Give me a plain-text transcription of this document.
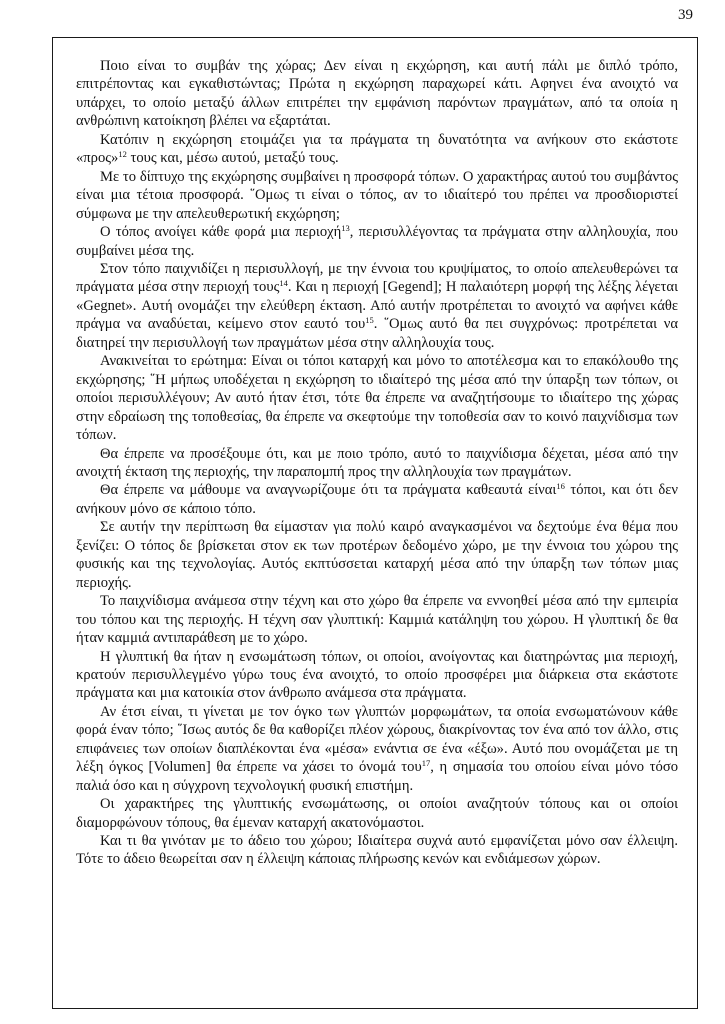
39

Ποιο είναι το συμβάν της χώρας; Δεν είναι η εκχώρηση, και αυτή πάλι με διπλό τρόπο, επιτρέποντας και εγκαθιστώντας; Πρώτα η εκχώρηση παραχωρεί κάτι. Αφηνει ένα ανοιχτό να υπάρχει, το οποίο μεταξύ άλλων επιτρέπει την εμφάνιση παρόντων πραγμάτων, από τα οποία η ανθρώπινη κατοίκηση βλέπει να εξαρτάται.

Κατόπιν η εκχώρηση ετοιμάζει για τα πράγματα τη δυνατότητα να ανήκουν στο εκάστοτε «προς»$^{12}$ τους και, μέσω αυτού, μεταξύ τους.

Με το δίπτυχο της εκχώρησης συμβαίνει η προσφορά τόπων. Ο χαρακτήρας αυτού του συμβάντος είναι μια τέτοια προσφορά. ῞Ομως τι είναι ο τόπος, αν το ιδιαίτερό του πρέπει να προσδιοριστεί σύμφωνα με την απελευθερωτική εκχώρηση;

Ο τόπος ανοίγει κάθε φορά μια περιοχή$^{13}$, περισυλλέγοντας τα πράγματα στην αλληλουχία, που συμβαίνει μέσα της.

Στον τόπο παιχνιδίζει η περισυλλογή, με την έννοια του κρυψίματος, το οποίο απελευθερώνει τα πράγματα μέσα στην περιοχή τους$^{14}$. Και η περιοχή [Gegend]; Η παλαιότερη μορφή της λέξης λέγεται «Gegnet». Αυτή ονομάζει την ελεύθερη έκταση. Από αυτήν προτρέπεται το ανοιχτό να αφήνει κάθε πράγμα να αναδύεται, κείμενο στον εαυτό του$^{15}$. ῞Ομως αυτό θα πει συγχρόνως: προτρέπεται να διατηρεί την περισυλλογή των πραγμάτων μέσα στην αλληλουχία τους.

Ανακινείται το ερώτημα: Είναι οι τόποι καταρχή και μόνο το αποτέλεσμα και το επακόλουθο της εκχώρησης; ῞Η μήπως υποδέχεται η εκχώρηση το ιδιαίτερό της μέσα από την ύπαρξη των τόπων, οι οποίοι περισυλλέγουν; Αν αυτό ήταν έτσι, τότε θα έπρεπε να αναζητήσουμε το ιδιαίτερο της χώρας στην εδραίωση της τοποθεσίας, θα έπρεπε να σκεφτούμε την τοποθεσία σαν το κοινό παιχνίδισμα των τόπων.

Θα έπρεπε να προσέξουμε ότι, και με ποιο τρόπο, αυτό το παιχνίδισμα δέχεται, μέσα από την ανοιχτή έκταση της περιοχής, την παραπομπή προς την αλληλουχία των πραγμάτων.

Θα έπρεπε να μάθουμε να αναγνωρίζουμε ότι τα πράγματα καθεαυτά είναι$^{16}$ τόποι, και ότι δεν ανήκουν μόνο σε κάποιο τόπο.

Σε αυτήν την περίπτωση θα είμασταν για πολύ καιρό αναγκασμένοι να δεχτούμε ένα θέμα που ξενίζει: Ο τόπος δε βρίσκεται στον εκ των προτέρων δεδομένο χώρο, με την έννοια του χώρου της φυσικής και της τεχνολογίας. Αυτός εκπτύσσεται καταρχή μέσα από την ύπαρξη των τόπων μιας περιοχής.

Το παιχνίδισμα ανάμεσα στην τέχνη και στο χώρο θα έπρεπε να εννοηθεί μέσα από την εμπειρία του τόπου και της περιοχής. Η τέχνη σαν γλυπτική: Καμμιά κατάληψη του χώρου. Η γλυπτική δε θα ήταν καμμιά αντιπαράθεση με το χώρο.

Η γλυπτική θα ήταν η ενσωμάτωση τόπων, οι οποίοι, ανοίγοντας και διατηρώντας μια περιοχή, κρατούν περισυλλεγμένο γύρω τους ένα ανοιχτό, το οποίο προσφέρει μια διάρκεια στα εκάστοτε πράγματα και μια κατοικία στον άνθρωπο ανάμεσα στα πράγματα.

Αν έτσι είναι, τι γίνεται με τον όγκο των γλυπτών μορφωμάτων, τα οποία ενσωματώνουν κάθε φορά έναν τόπο; ῞Ισως αυτός δε θα καθορίζει πλέον χώρους, διακρίνοντας τον ένα από τον άλλο, στις επιφάνειες των οποίων διαπλέκονται ένα «μέσα» ενάντια σε ένα «έξω». Αυτό που ονομάζεται με τη λέξη όγκος [Volumen] θα έπρεπε να χάσει το όνομά του$^{17}$, η σημασία του οποίου είναι μόνο τόσο παλιά όσο και η σύγχρονη τεχνολογική φυσική επιστήμη.

Οι χαρακτήρες της γλυπτικής ενσωμάτωσης, οι οποίοι αναζητούν τόπους και οι οποίοι διαμορφώνουν τόπους, θα έμεναν καταρχή ακατονόμαστοι.

Και τι θα γινόταν με το άδειο του χώρου; Ιδιαίτερα συχνά αυτό εμφανίζεται μόνο σαν έλλειψη. Τότε το άδειο θεωρείται σαν η έλλειψη κάποιας πλήρωσης κενών και ενδιάμεσων χώρων.
